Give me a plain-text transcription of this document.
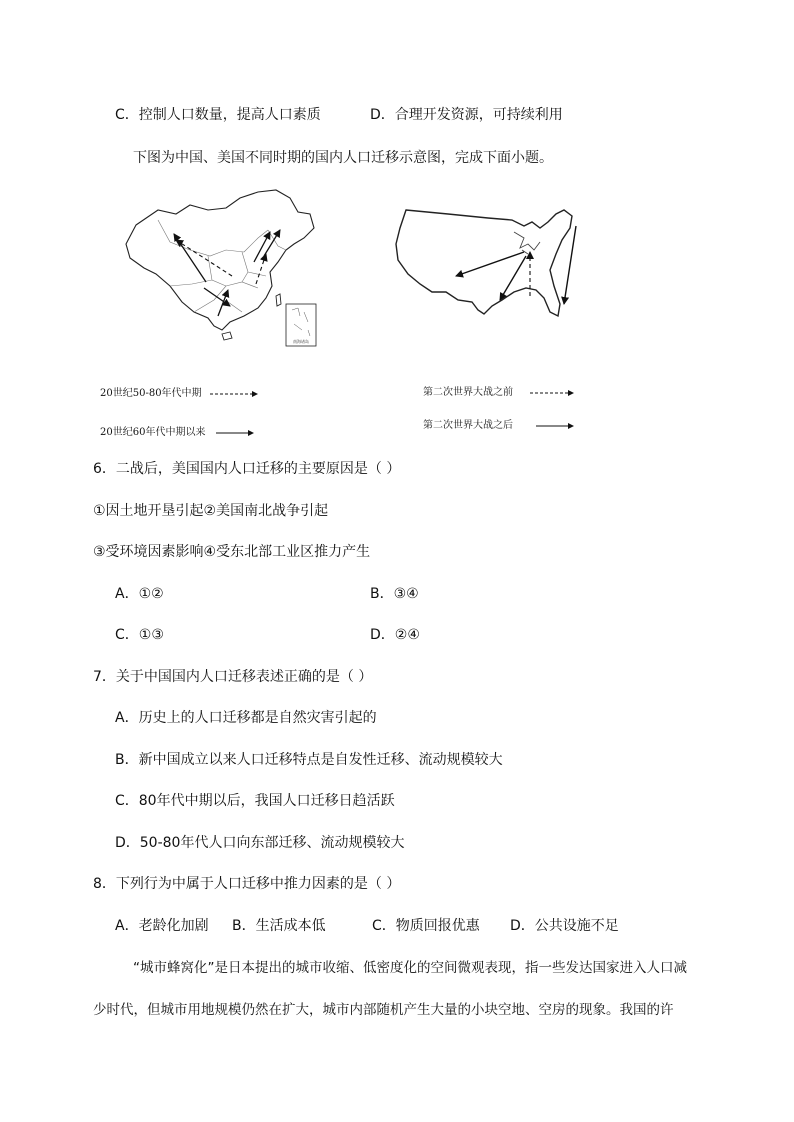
C．控制人口数量，提高人口素质	D．合理开发资源，可持续利用
下图为中国、美国不同时期的国内人口迁移示意图，完成下面小题。
南海诸岛
20世纪50-80年代中期
20世纪60年代中期以来
第二次世界大战之前
第二次世界大战之后
6．二战后，美国国内人口迁移的主要原因是（ ）
①因土地开垦引起②美国南北战争引起
③受环境因素影响④受东北部工业区推力产生
A．①②	B．③④
C．①③	D．②④
7．关于中国国内人口迁移表述正确的是（ ）
A．历史上的人口迁移都是自然灾害引起的
B．新中国成立以来人口迁移特点是自发性迁移、流动规模较大
C．80年代中期以后，我国人口迁移日趋活跃
D．50-80年代人口向东部迁移、流动规模较大
8．下列行为中属于人口迁移中推力因素的是（ ）
A．老龄化加剧 B．生活成本低	C．物质回报优惠 D．公共设施不足
“城市蜂窝化”是日本提出的城市收缩、低密度化的空间微观表现，指一些发达国家进入人口减
少时代，但城市用地规模仍然在扩大，城市内部随机产生大量的小块空地、空房的现象。我国的许
